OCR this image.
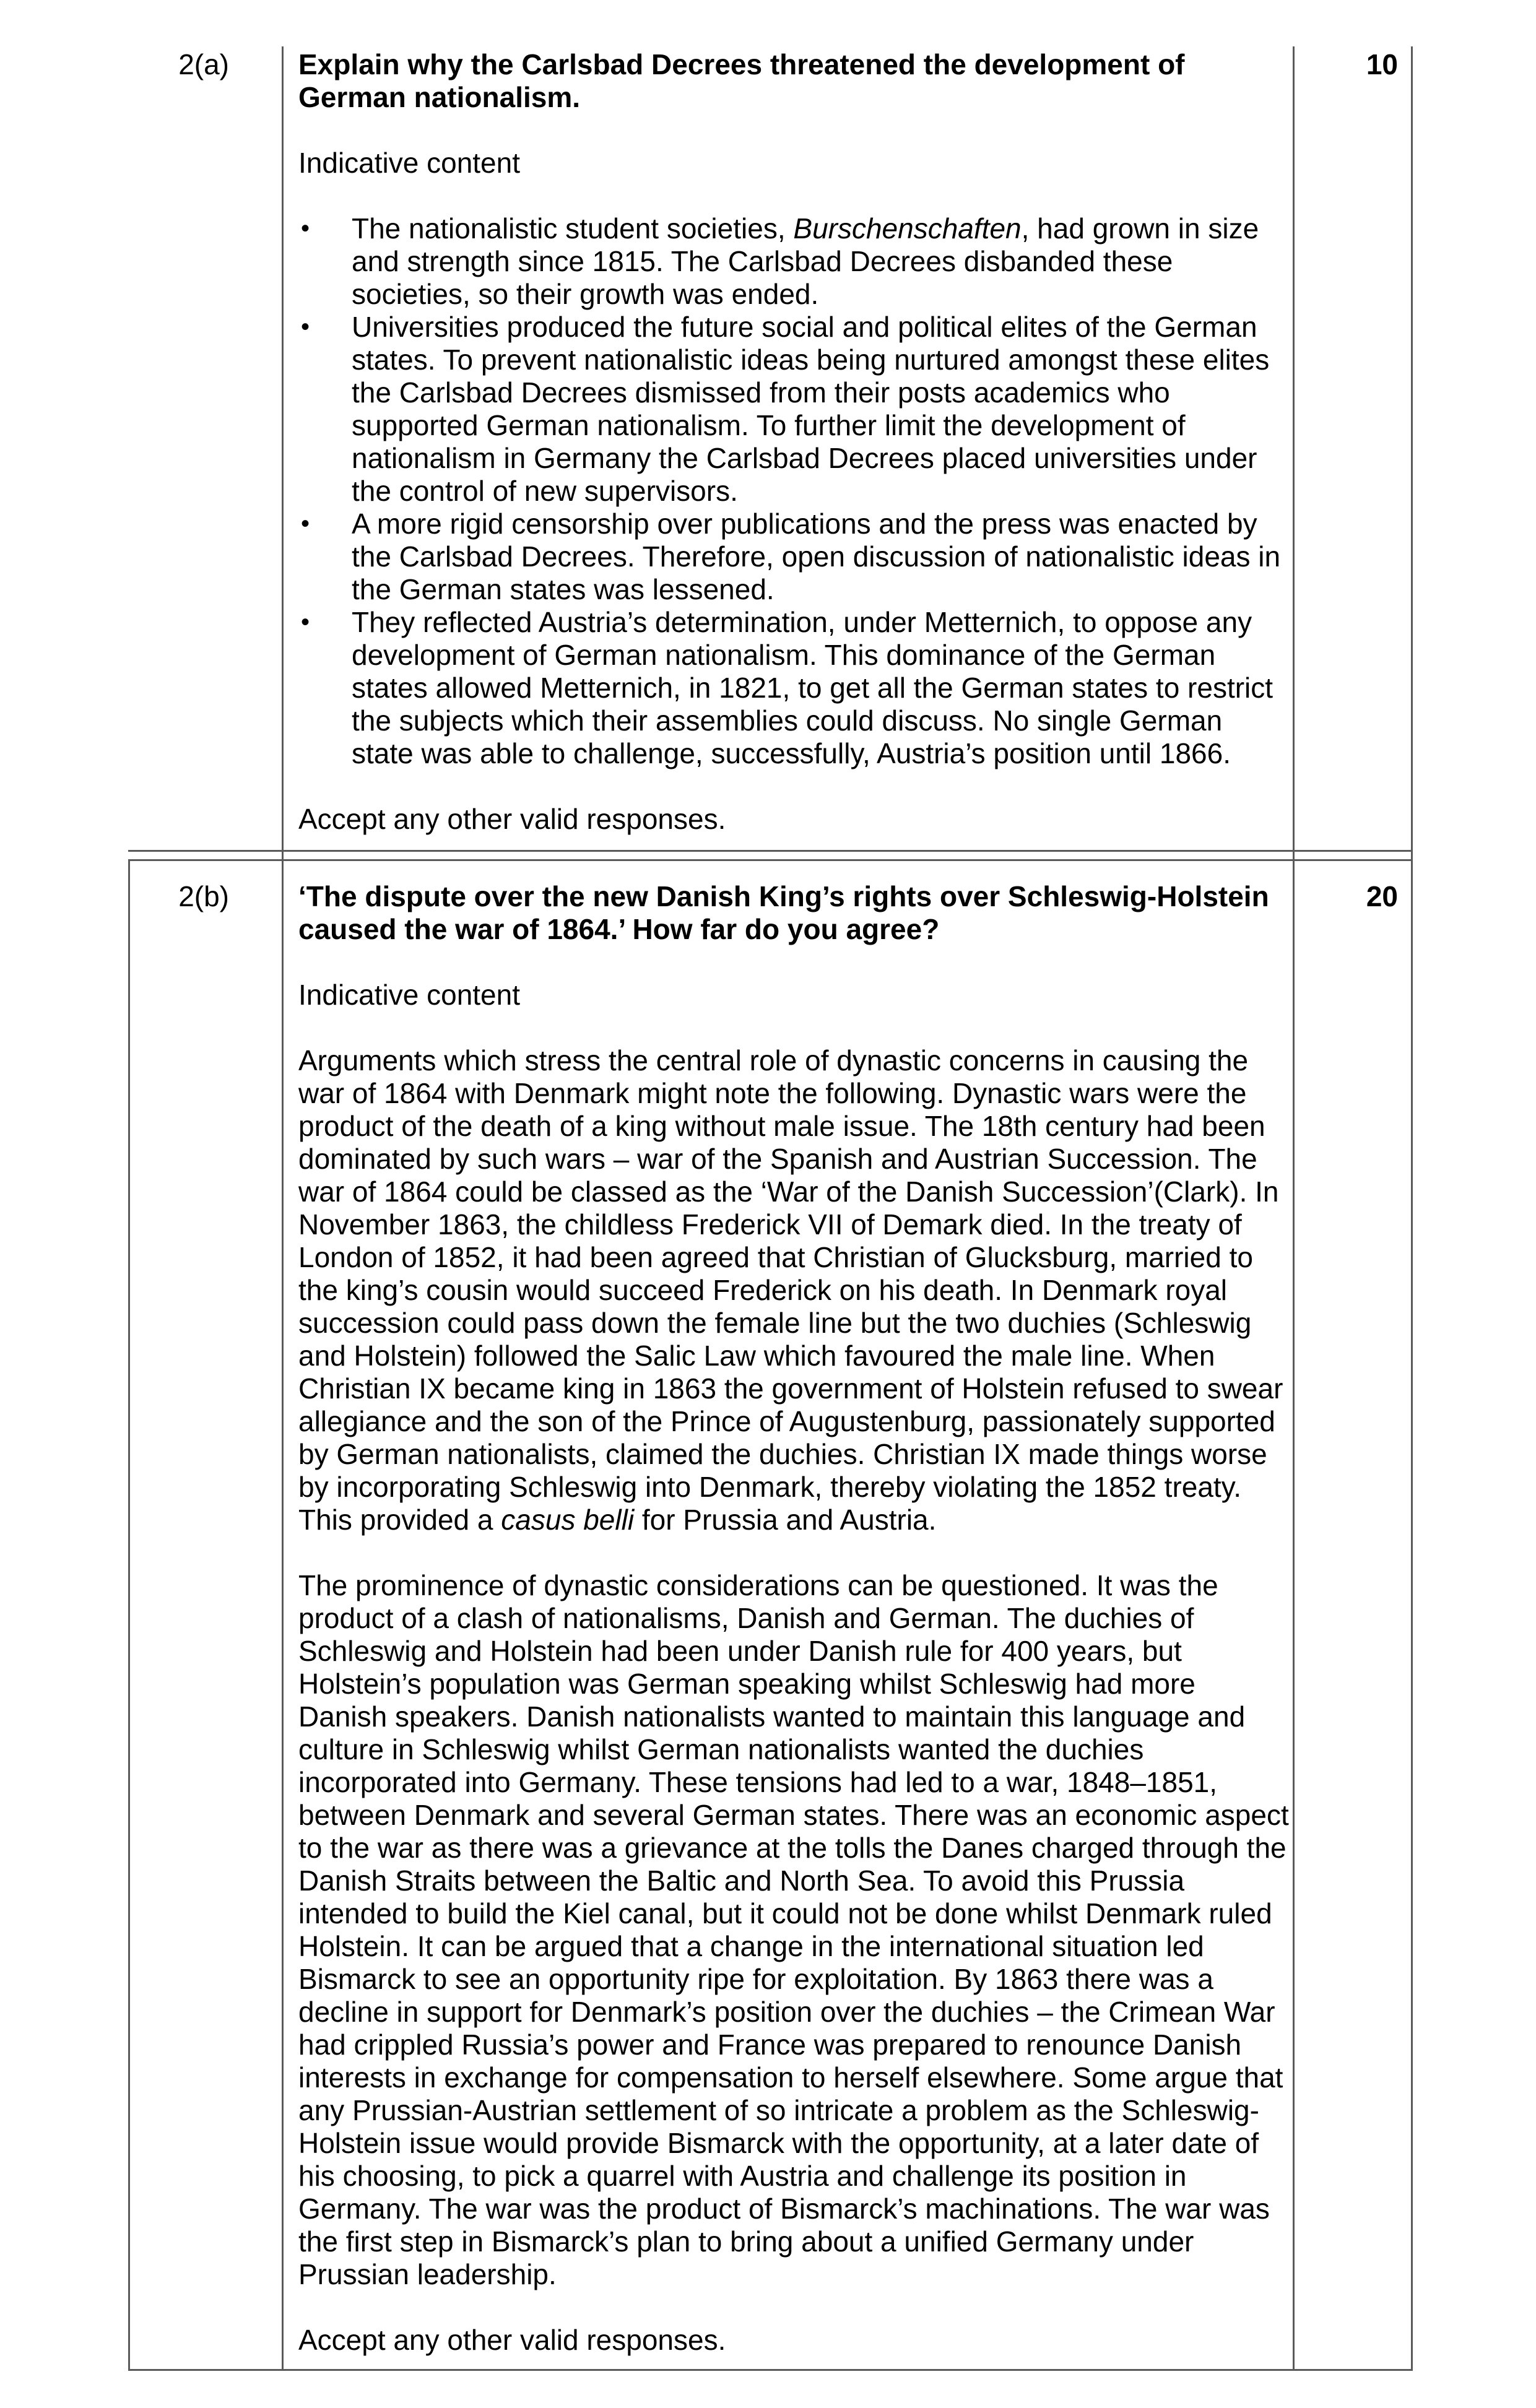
2(a)	10

Explain why the Carlsbad Decrees threatened the development of German nationalism.

Indicative content

• The nationalistic student societies, Burschenschaften, had grown in size and strength since 1815. The Carlsbad Decrees disbanded these societies, so their growth was ended.
• Universities produced the future social and political elites of the German states. To prevent nationalistic ideas being nurtured amongst these elites the Carlsbad Decrees dismissed from their posts academics who supported German nationalism. To further limit the development of nationalism in Germany the Carlsbad Decrees placed universities under the control of new supervisors.
• A more rigid censorship over publications and the press was enacted by the Carlsbad Decrees. Therefore, open discussion of nationalistic ideas in the German states was lessened.
• They reflected Austria’s determination, under Metternich, to oppose any development of German nationalism. This dominance of the German states allowed Metternich, in 1821, to get all the German states to restrict the subjects which their assemblies could discuss. No single German state was able to challenge, successfully, Austria’s position until 1866.

Accept any other valid responses.

2(b)	20

‘The dispute over the new Danish King’s rights over Schleswig-Holstein caused the war of 1864.’ How far do you agree?

Indicative content

Arguments which stress the central role of dynastic concerns in causing the war of 1864 with Denmark might note the following. Dynastic wars were the product of the death of a king without male issue. The 18th century had been dominated by such wars – war of the Spanish and Austrian Succession. The war of 1864 could be classed as the ‘War of the Danish Succession’(Clark). In November 1863, the childless Frederick VII of Demark died. In the treaty of London of 1852, it had been agreed that Christian of Glucksburg, married to the king’s cousin would succeed Frederick on his death. In Denmark royal succession could pass down the female line but the two duchies (Schleswig and Holstein) followed the Salic Law which favoured the male line. When Christian IX became king in 1863 the government of Holstein refused to swear allegiance and the son of the Prince of Augustenburg, passionately supported by German nationalists, claimed the duchies. Christian IX made things worse by incorporating Schleswig into Denmark, thereby violating the 1852 treaty. This provided a casus belli for Prussia and Austria.

The prominence of dynastic considerations can be questioned. It was the product of a clash of nationalisms, Danish and German. The duchies of Schleswig and Holstein had been under Danish rule for 400 years, but Holstein’s population was German speaking whilst Schleswig had more Danish speakers. Danish nationalists wanted to maintain this language and culture in Schleswig whilst German nationalists wanted the duchies incorporated into Germany. These tensions had led to a war, 1848–1851, between Denmark and several German states. There was an economic aspect to the war as there was a grievance at the tolls the Danes charged through the Danish Straits between the Baltic and North Sea. To avoid this Prussia intended to build the Kiel canal, but it could not be done whilst Denmark ruled Holstein. It can be argued that a change in the international situation led Bismarck to see an opportunity ripe for exploitation. By 1863 there was a decline in support for Denmark’s position over the duchies – the Crimean War had crippled Russia’s power and France was prepared to renounce Danish interests in exchange for compensation to herself elsewhere. Some argue that any Prussian-Austrian settlement of so intricate a problem as the Schleswig-Holstein issue would provide Bismarck with the opportunity, at a later date of his choosing, to pick a quarrel with Austria and challenge its position in Germany. The war was the product of Bismarck’s machinations. The war was the first step in Bismarck’s plan to bring about a unified Germany under Prussian leadership.

Accept any other valid responses.
